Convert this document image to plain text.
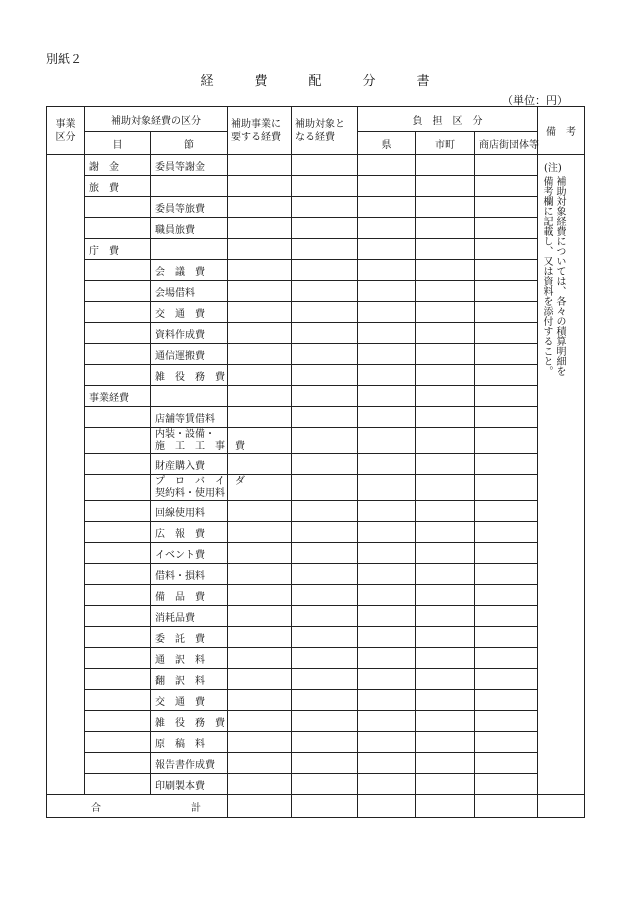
別紙２
経　費　配　分　書
（単位：円）
事業区分	補助対象経費の区分		補助事業に要する経費	補助対象となる経費	負　担　区　分			備　考
	目	節			県	市町	商店街団体等	
	謝　金	委員等謝金						(注)
補助対象経費については、各々の積算明細を備考欄に記載し、又は資料を添付すること。

	旅　費							
		委員等旅費						
		職員旅費						
	庁　費							
		会　議　費						
		会場借料						
		交　通　費						
		資料作成費						
		通信運搬費						
		雑　役　務　費						
	事業経費							
		店舗等賃借料						

		内装・設備・
施　工　工　事　費						

		財産購入費						

		プ　ロ　バ　イ　ダ
契約料・使用料						

		回線使用料						
		広　報　費						
		イベント費						
		借料・損料						
		備　品　費						
		消耗品費						
		委　託　費						
		通　訳　料						
		翻　訳　料						
		交　通　費						
		雑　役　務　費						
		原　稿　料						
		報告書作成費						
		印刷製本費						

合 計								
